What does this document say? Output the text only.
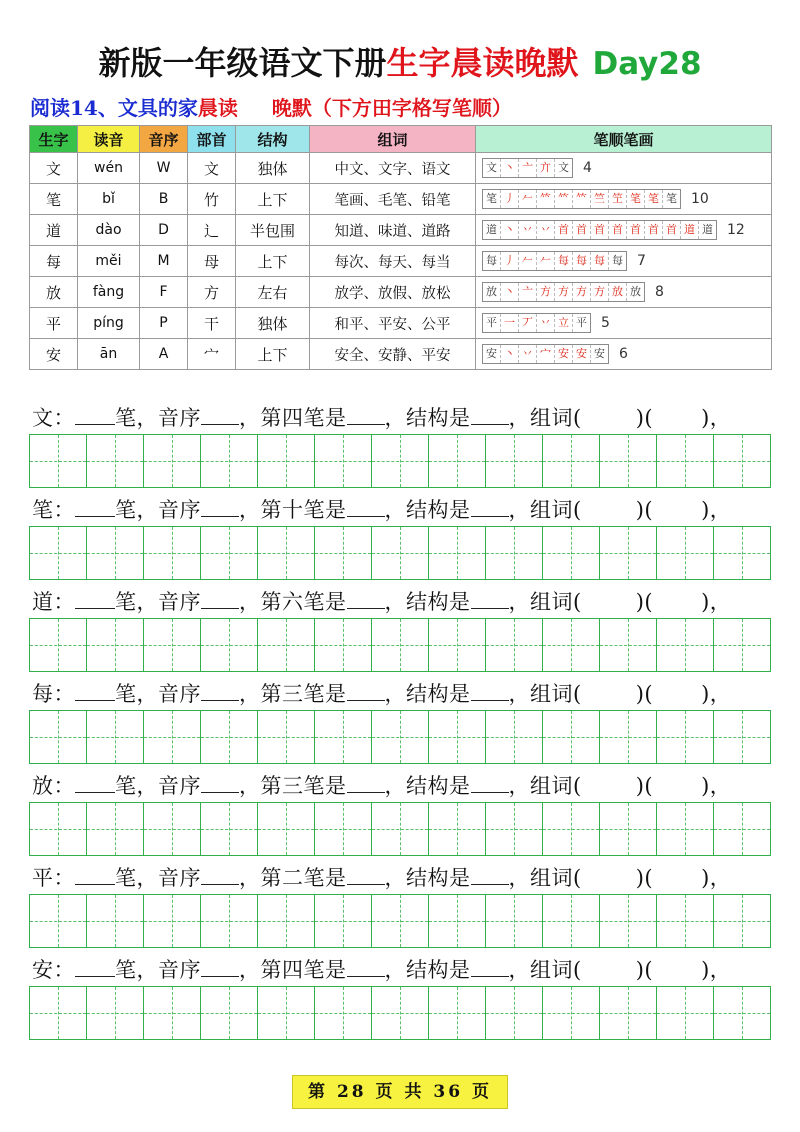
新版一年级语文下册生字晨读晚默 Day28
阅读14、文具的家晨读 晚默（下方田字格写笔顺）
生字	读音	音序	部首	结构	组词	笔顺笔画
文	wén	W	文	独体	中文、文字、语文	文 丶 亠 亣 文 4
笔	bǐ	B	竹	上下	笔画、毛笔、铅笔	笔 丿 𠂉 𥫗 𥫗 𥫗 竺 笁 笔 笔 笔 10
道	dào	D	辶	半包围	知道、味道、道路	道 丶 丷 丷 首 首 首 首 首 首 首 道 道 12
每	měi	M	母	上下	每次、每天、每当	每 丿 𠂉 𠂉 每 每 每 每 7
放	fàng	F	方	左右	放学、放假、放松	放 丶 亠 方 方 方 方 放 放 8
平	píng	P	干	独体	和平、平安、公平	平 一 丆 丷 立 平 5
安	ān	A	宀	上下	安全、安静、平安	安 丶 丷 宀 安 安 安 6
文： 笔，音序 ，第四笔是 ，结构是 ，组词(	)( )，
笔： 笔，音序 ，第十笔是 ，结构是 ，组词(	)( )，
道： 笔，音序 ，第六笔是 ，结构是 ，组词(	)( )，
每： 笔，音序 ，第三笔是 ，结构是 ，组词(	)( )，
放： 笔，音序 ，第三笔是 ，结构是 ，组词(	)( )，
平： 笔，音序 ，第二笔是 ，结构是 ，组词(	)( )，
安： 笔，音序 ，第四笔是 ，结构是 ，组词(	)( )，
第 28 页 共 36 页
